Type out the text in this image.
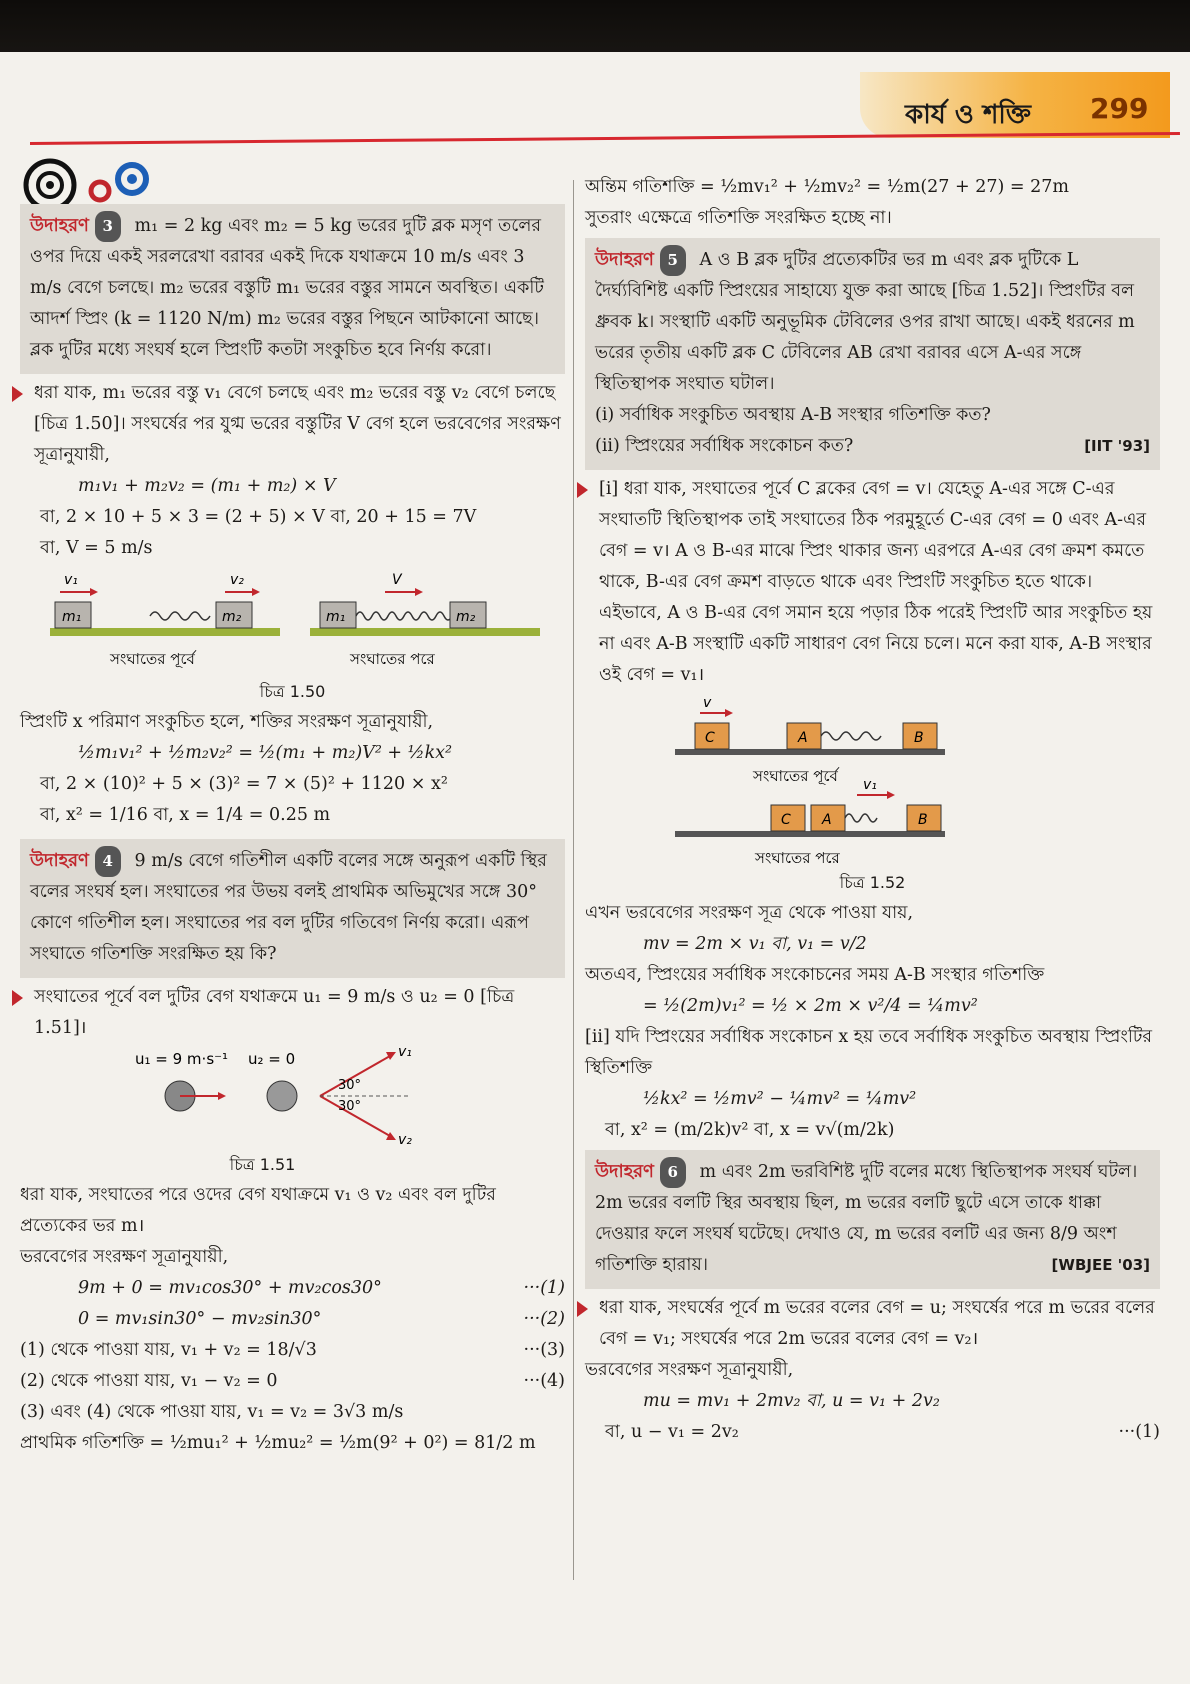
কার্য ও শক্তি 299
উদাহরণ 3 m₁ = 2 kg এবং m₂ = 5 kg ভরের দুটি ব্লক মসৃণ তলের ওপর দিয়ে একই সরলরেখা বরাবর একই দিকে যথাক্রমে 10 m/s এবং 3 m/s বেগে চলছে। m₂ ভরের বস্তুটি m₁ ভরের বস্তুর সামনে অবস্থিত। একটি আদর্শ স্প্রিং (k = 1120 N/m) m₂ ভরের বস্তুর পিছনে আটকানো আছে। ব্লক দুটির মধ্যে সংঘর্ষ হলে স্প্রিংটি কতটা সংকুচিত হবে নির্ণয় করো।
ধরা যাক, m₁ ভরের বস্তু v₁ বেগে চলছে এবং m₂ ভরের বস্তু v₂ বেগে চলছে [চিত্র 1.50]। সংঘর্ষের পর যুগ্ম ভরের বস্তুটির V বেগ হলে ভরবেগের সংরক্ষণ সূত্রানুযায়ী,
m₁v₁ + m₂v₂ = (m₁ + m₂) × V
বা, 2 × 10 + 5 × 3 = (2 + 5) × V বা, 20 + 15 = 7V
বা, V = 5 m/s
m₁	m₂
v₁	v₂
সংঘাতের পূর্বে
m₁	m₂
V
সংঘাতের পরে
চিত্র 1.50
স্প্রিংটি x পরিমাণ সংকুচিত হলে, শক্তির সংরক্ষণ সূত্রানুযায়ী,
½m₁v₁² + ½m₂v₂² = ½(m₁ + m₂)V² + ½kx²
বা, 2 × (10)² + 5 × (3)² = 7 × (5)² + 1120 × x²
বা, x² = 1/16 বা, x = 1/4 = 0.25 m
উদাহরণ 4 9 m/s বেগে গতিশীল একটি বলের সঙ্গে অনুরূপ একটি স্থির বলের সংঘর্ষ হল। সংঘাতের পর উভয় বলই প্রাথমিক অভিমুখের সঙ্গে 30° কোণে গতিশীল হল। সংঘাতের পর বল দুটির গতিবেগ নির্ণয় করো। এরূপ সংঘাতে গতিশক্তি সংরক্ষিত হয় কি?
সংঘাতের পূর্বে বল দুটির বেগ যথাক্রমে u₁ = 9 m/s ও u₂ = 0 [চিত্র 1.51]।
u₁ = 9 m·s⁻¹ u₂ = 0
30°
30°
v₁
v₂
চিত্র 1.51
ধরা যাক, সংঘাতের পরে ওদের বেগ যথাক্রমে v₁ ও v₂ এবং বল দুটির প্রত্যেকের ভর m।
ভরবেগের সংরক্ষণ সূত্রানুযায়ী,
9m + 0 = mv₁cos30° + mv₂cos30°	···(1)
0 = mv₁sin30° − mv₂sin30°	···(2)
(1) থেকে পাওয়া যায়, v₁ + v₂ = 18/√3	···(3)
(2) থেকে পাওয়া যায়, v₁ − v₂ = 0	···(4)
(3) এবং (4) থেকে পাওয়া যায়, v₁ = v₂ = 3√3 m/s
প্রাথমিক গতিশক্তি = ½mu₁² + ½mu₂² = ½m(9² + 0²) = 81/2 m
অন্তিম গতিশক্তি = ½mv₁² + ½mv₂² = ½m(27 + 27) = 27m
সুতরাং এক্ষেত্রে গতিশক্তি সংরক্ষিত হচ্ছে না।
উদাহরণ 5 A ও B ব্লক দুটির প্রত্যেকটির ভর m এবং ব্লক দুটিকে L দৈর্ঘ্যবিশিষ্ট একটি স্প্রিংয়ের সাহায্যে যুক্ত করা আছে [চিত্র 1.52]। স্প্রিংটির বল ধ্রুবক k। সংস্থাটি একটি অনুভূমিক টেবিলের ওপর রাখা আছে। একই ধরনের m ভরের তৃতীয় একটি ব্লক C টেবিলের AB রেখা বরাবর এসে A-এর সঙ্গে স্থিতিস্থাপক সংঘাত ঘটাল।
(i) সর্বাধিক সংকুচিত অবস্থায় A-B সংস্থার গতিশক্তি কত?
(ii) স্প্রিংয়ের সর্বাধিক সংকোচন কত?	[IIT '93]
[i] ধরা যাক, সংঘাতের পূর্বে C ব্লকের বেগ = v। যেহেতু A-এর সঙ্গে C-এর সংঘাতটি স্থিতিস্থাপক তাই সংঘাতের ঠিক পরমুহূর্তে C-এর বেগ = 0 এবং A-এর বেগ = v। A ও B-এর মাঝে স্প্রিং থাকার জন্য এরপরে A-এর বেগ ক্রমশ কমতে থাকে, B-এর বেগ ক্রমশ বাড়তে থাকে এবং স্প্রিংটি সংকুচিত হতে থাকে। এইভাবে, A ও B-এর বেগ সমান হয়ে পড়ার ঠিক পরেই স্প্রিংটি আর সংকুচিত হয় না এবং A-B সংস্থাটি একটি সাধারণ বেগ নিয়ে চলে। মনে করা যাক, A-B সংস্থার ওই বেগ = v₁।
C
v
A	B
সংঘাতের পূর্বে
C A	B
v₁
সংঘাতের পরে
চিত্র 1.52
এখন ভরবেগের সংরক্ষণ সূত্র থেকে পাওয়া যায়,
mv = 2m × v₁ বা, v₁ = v/2
অতএব, স্প্রিংয়ের সর্বাধিক সংকোচনের সময় A-B সংস্থার গতিশক্তি
= ½(2m)v₁² = ½ × 2m × v²/4 = ¼mv²
[ii] যদি স্প্রিংয়ের সর্বাধিক সংকোচন x হয় তবে সর্বাধিক সংকুচিত অবস্থায় স্প্রিংটির স্থিতিশক্তি
½kx² = ½mv² − ¼mv² = ¼mv²
বা, x² = (m/2k)v² বা, x = v√(m/2k)
উদাহরণ 6 m এবং 2m ভরবিশিষ্ট দুটি বলের মধ্যে স্থিতিস্থাপক সংঘর্ষ ঘটল। 2m ভরের বলটি স্থির অবস্থায় ছিল, m ভরের বলটি ছুটে এসে তাকে ধাক্কা দেওয়ার ফলে সংঘর্ষ ঘটেছে। দেখাও যে, m ভরের বলটি এর জন্য 8/9 অংশ গতিশক্তি হারায়।	[WBJEE '03]
ধরা যাক, সংঘর্ষের পূর্বে m ভরের বলের বেগ = u; সংঘর্ষের পরে m ভরের বলের বেগ = v₁; সংঘর্ষের পরে 2m ভরের বলের বেগ = v₂।
ভরবেগের সংরক্ষণ সূত্রানুযায়ী,
mu = mv₁ + 2mv₂ বা, u = v₁ + 2v₂
বা, u − v₁ = 2v₂	···(1)
